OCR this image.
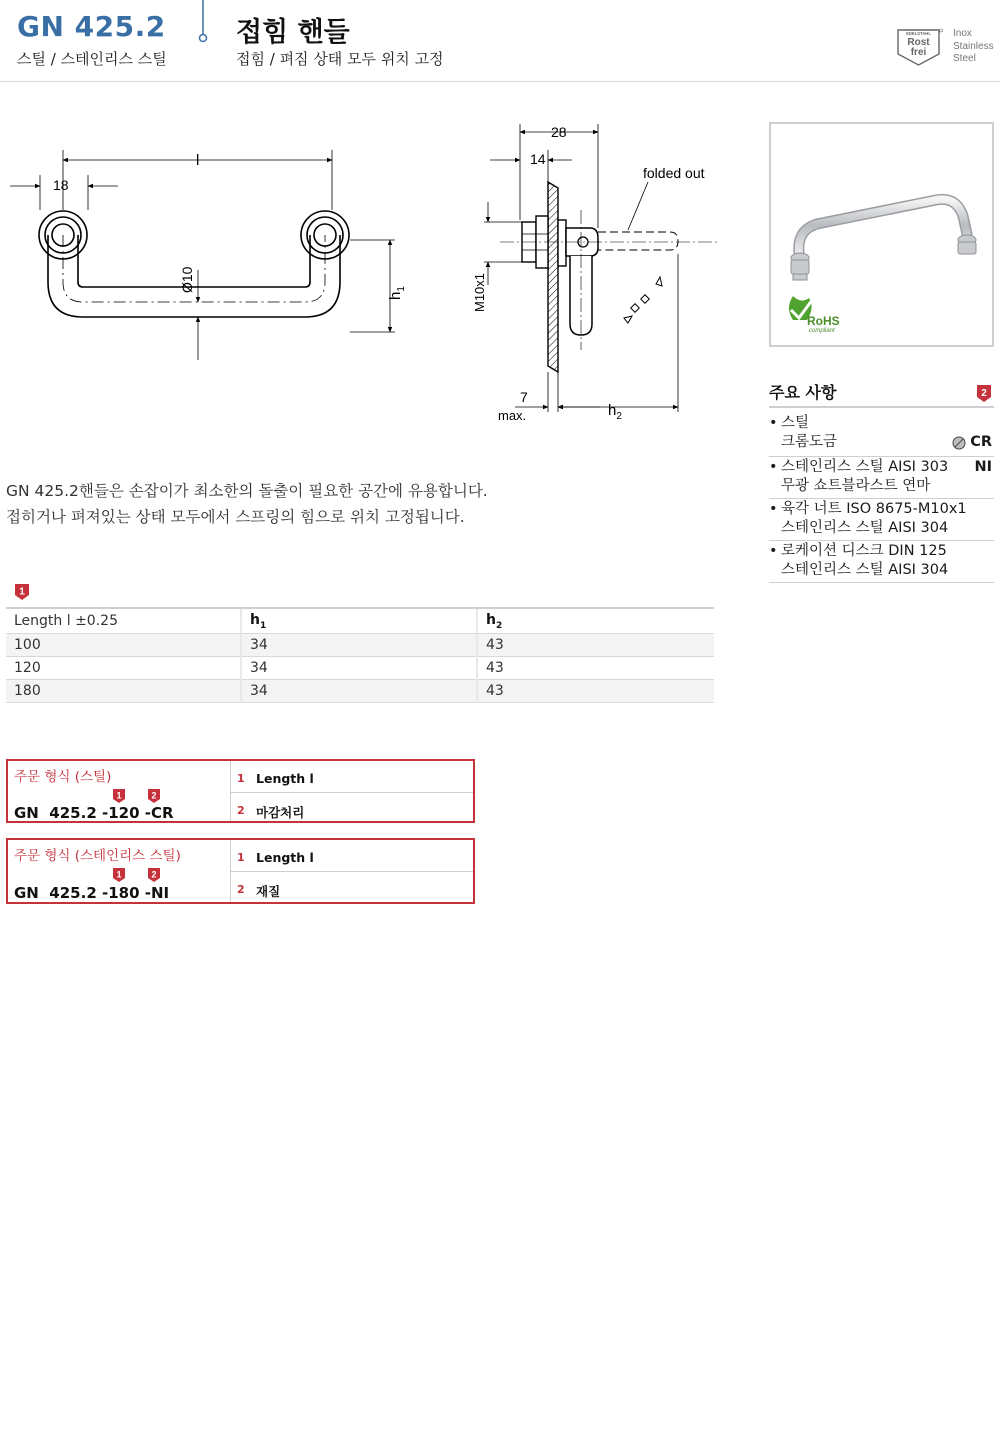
GN 425.2
스틸 / 스테인리스 스틸
접힘 핸들
접힘 / 펴짐 상태 모두 위치 고정
EDELSTAHL
Rost
frei
Inox
Stainless
Steel
l
18
Ø10
$h_1$
28
14
folded out
M10x1
7
max.	$h_2$
RoHS
compliant
주요 사항	2
• 스틸
크롬도금	CR
• 스테인리스 스틸 AISI 303
무광 쇼트블라스트 연마
NI
• 육각 너트 ISO 8675-M10x1
스테인리스 스틸 AISI 304
• 로케이션 디스크 DIN 125
스테인리스 스틸 AISI 304
GN 425.2핸들은 손잡이가 최소한의 돌출이 필요한 공간에 유용합니다.
접히거나 펴져있는 상태 모두에서 스프링의 힘으로 위치 고정됩니다.
1
Length l ±0.25	$h_1$	$h_2$
100	34	43
120	34	43
180	34	43
주문 형식 (스틸)
1	2
GN  425.2 -120 -CR
1 Length l
2 마감처리
주문 형식 (스테인리스 스틸)
1	2
GN  425.2 -180 -NI
1 Length l
2 재질
